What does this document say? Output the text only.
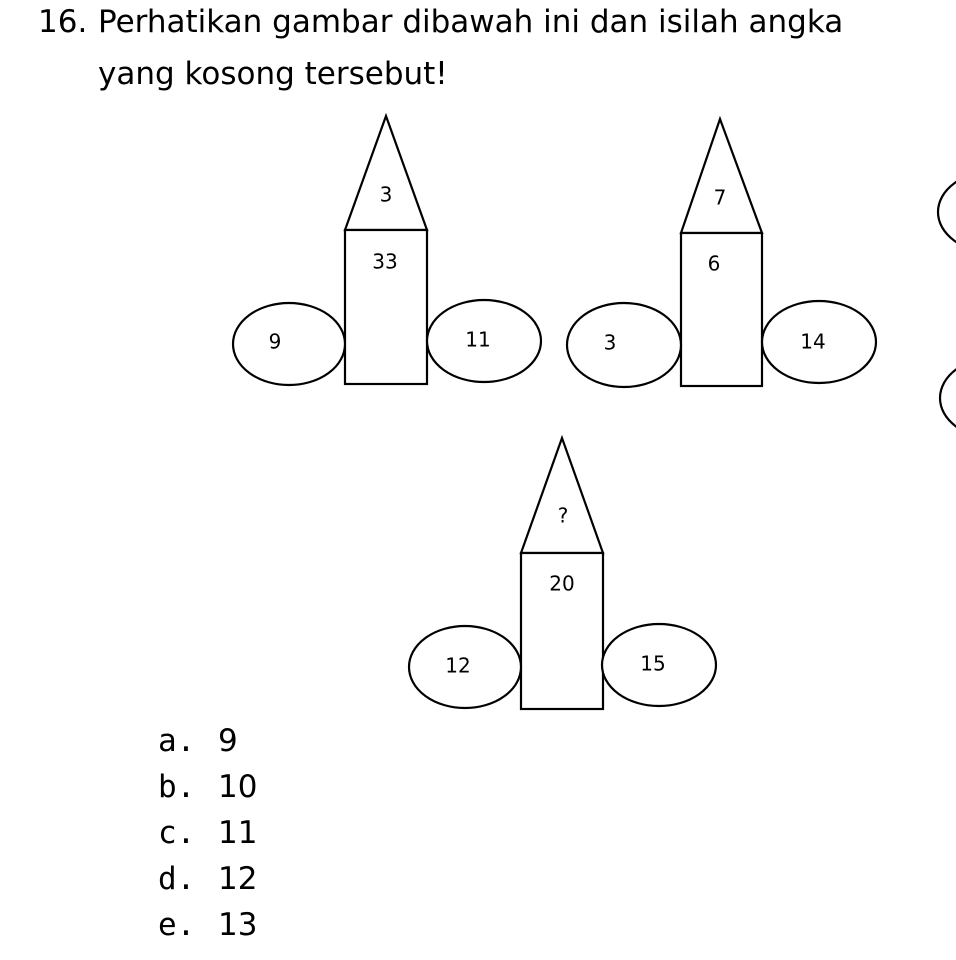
16. Perhatikan gambar dibawah ini dan isilah angka
yang kosong tersebut!
3
33
9	11
7
6
3	14
?
20
12	15
a. 9
b. 10
c. 11
d. 12
e. 13
